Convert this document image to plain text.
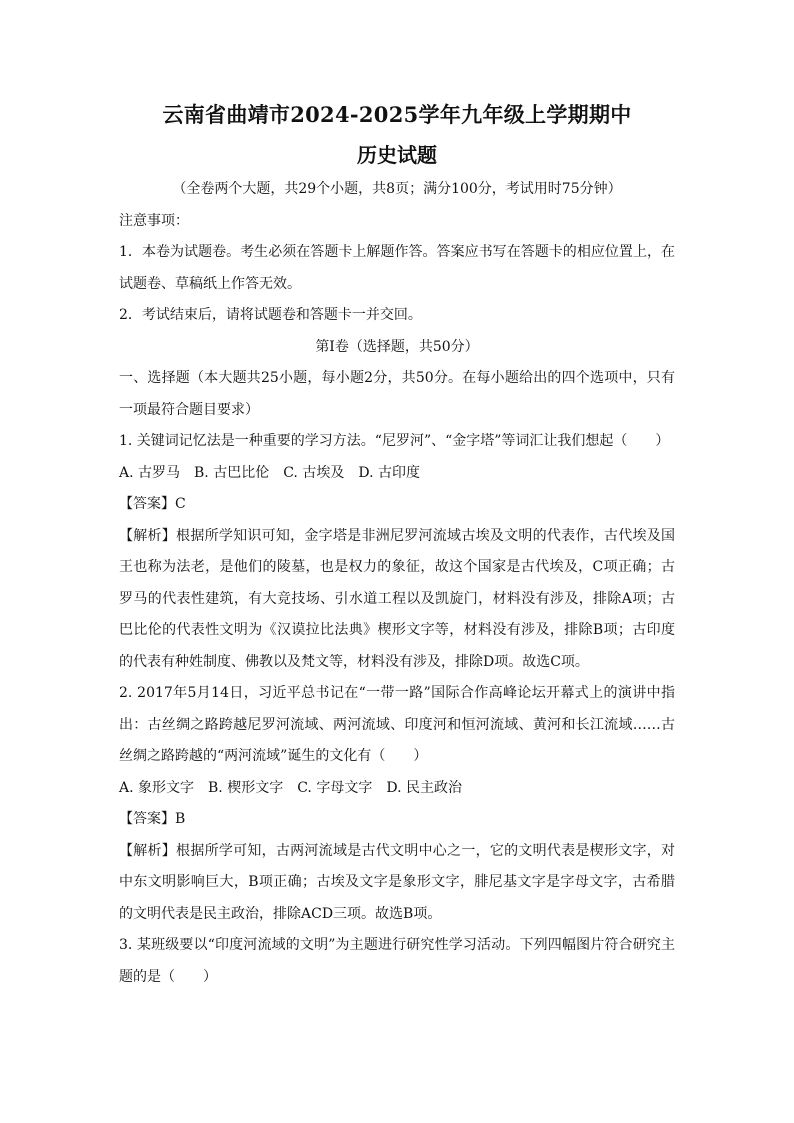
云南省曲靖市2024-2025学年九年级上学期期中
历史试题

（全卷两个大题，共29个小题，共8页；满分100分，考试用时75分钟）

注意事项：

1．本卷为试题卷。考生必须在答题卡上解题作答。答案应书写在答题卡的相应位置上，在试题卷、草稿纸上作答无效。

2．考试结束后，请将试题卷和答题卡一并交回。

第Ⅰ卷（选择题，共50分）

一、选择题（本大题共25小题，每小题2分，共50分。在每小题给出的四个选项中，只有一项最符合题目要求）

1. 关键词记忆法是一种重要的学习方法。“尼罗河”、“金字塔”等词汇让我们想起（　　）

A. 古罗马 B. 古巴比伦 C. 古埃及 D. 古印度

【答案】C

【解析】根据所学知识可知，金字塔是非洲尼罗河流域古埃及文明的代表作，古代埃及国王也称为法老，是他们的陵墓，也是权力的象征，故这个国家是古代埃及，C项正确；古罗马的代表性建筑，有大竞技场、引水道工程以及凯旋门，材料没有涉及，排除A项；古巴比伦的代表性文明为《汉谟拉比法典》楔形文字等，材料没有涉及，排除B项；古印度的代表有种姓制度、佛教以及梵文等，材料没有涉及，排除D项。故选C项。

2. 2017年5月14日，习近平总书记在“一带一路”国际合作高峰论坛开幕式上的演讲中指出：古丝绸之路跨越尼罗河流域、两河流域、印度河和恒河流域、黄河和长江流域……古丝绸之路跨越的“两河流域”诞生的文化有（　　）

A. 象形文字 B. 楔形文字 C. 字母文字 D. 民主政治

【答案】B

【解析】根据所学可知，古两河流域是古代文明中心之一，它的文明代表是楔形文字，对中东文明影响巨大，B项正确；古埃及文字是象形文字，腓尼基文字是字母文字，古希腊的文明代表是民主政治，排除ACD三项。故选B项。

3. 某班级要以“印度河流域的文明”为主题进行研究性学习活动。下列四幅图片符合研究主题的是（　　）
